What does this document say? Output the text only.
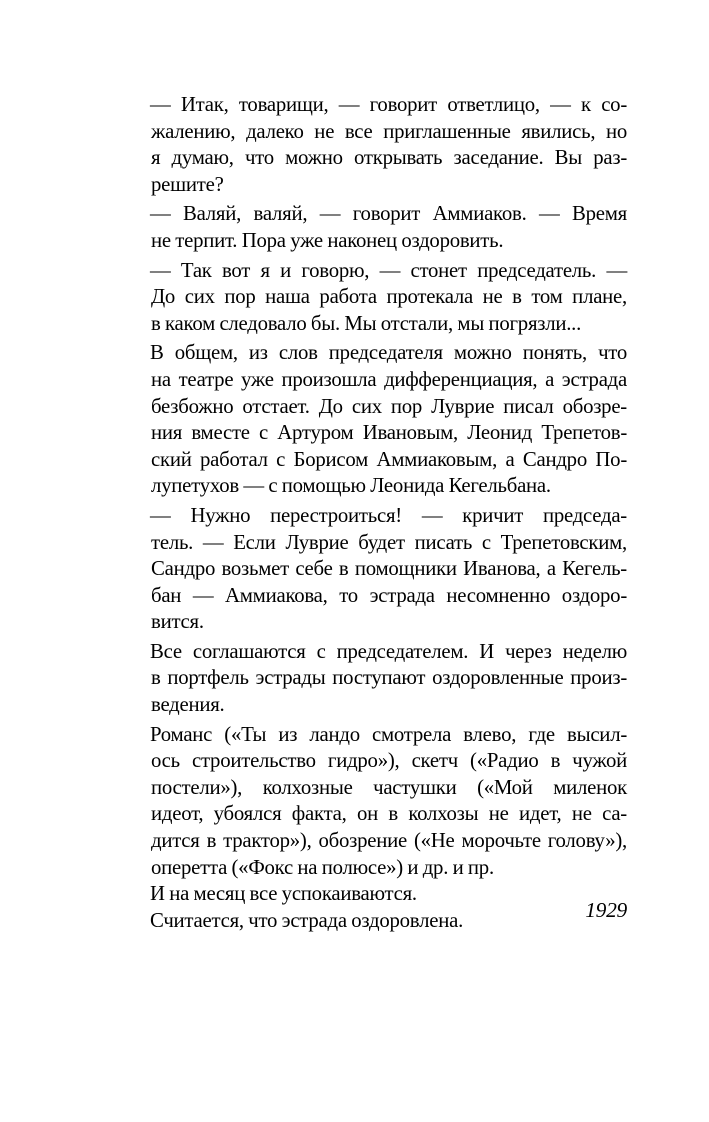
— Итак, товарищи, — говорит ответлицо, — к со-
жалению, далеко не все приглашенные явились, но
я думаю, что можно открывать заседание. Вы раз-
решите?
— Валяй, валяй, — говорит Аммиаков. — Время
не терпит. Пора уже наконец оздоровить.
— Так вот я и говорю, — стонет председатель. —
До сих пор наша работа протекала не в том плане,
в каком следовало бы. Мы отстали, мы погрязли...
В общем, из слов председателя можно понять, что
на театре уже произошла дифференциация, а эстрада
безбожно отстает. До сих пор Луврие писал обозре-
ния вместе с Артуром Ивановым, Леонид Трепетов-
ский работал с Борисом Аммиаковым, а Сандро По-
лупетухов — с помощью Леонида Кегельбана.
— Нужно перестроиться! — кричит председа-
тель. — Если Луврие будет писать с Трепетовским,
Сандро возьмет себе в помощники Иванова, а Кегель-
бан — Аммиакова, то эстрада несомненно оздоро-
вится.
Все соглашаются с председателем. И через неделю
в портфель эстрады поступают оздоровленные произ-
ведения.
Романс («Ты из ландо смотрела влево, где высил-
ось строительство гидро»), скетч («Радио в чужой
постели»), колхозные частушки («Мой миленок
идеот, убоялся факта, он в колхозы не идет, не са-
дится в трактор»), обозрение («Не морочьте голову»),
оперетта («Фокс на полюсе») и др. и пр.
И на месяц все успокаиваются.
Считается, что эстрада оздоровлена.	1929
